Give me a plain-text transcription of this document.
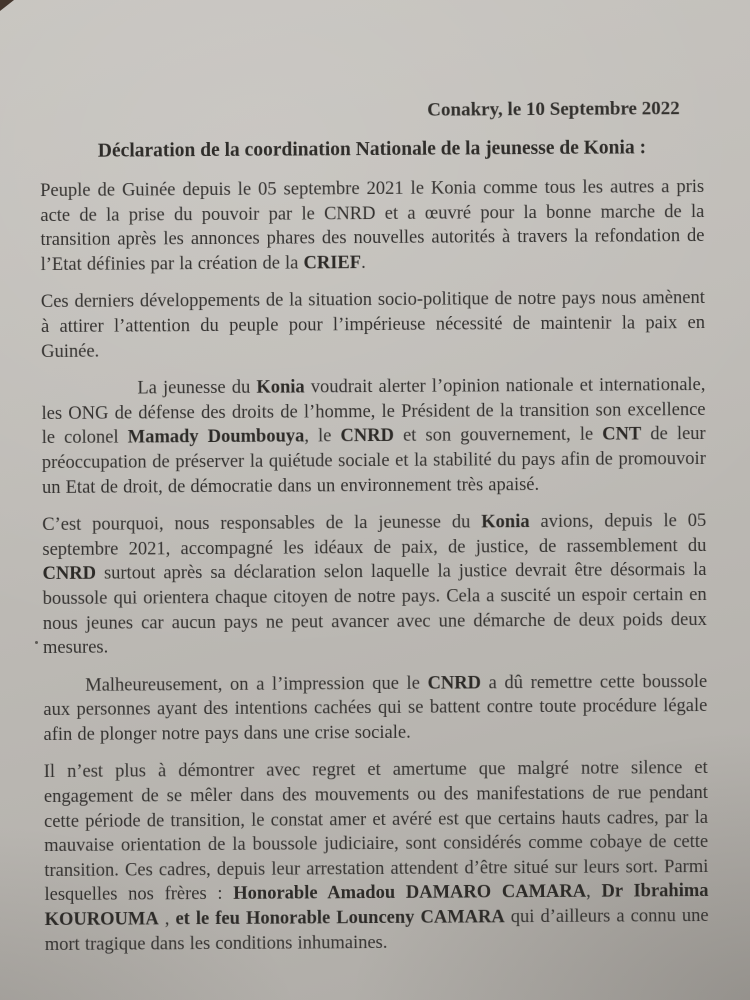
Conakry, le 10 Septembre 2022
Déclaration de la coordination Nationale de la jeunesse de Konia :

Peuple de Guinée depuis le 05 septembre 2021 le Konia comme tous les autres a pris acte de la prise du pouvoir par le CNRD et a œuvré pour la bonne marche de la transition après les annonces phares des nouvelles autorités à travers la refondation de l’Etat définies par la création de la CRIEF.

Ces derniers développements de la situation socio-politique de notre pays nous amènent à attirer l’attention du peuple pour l’impérieuse nécessité de maintenir la paix en Guinée.

La jeunesse du Konia voudrait alerter l’opinion nationale et internationale, les ONG de défense des droits de l’homme, le Président de la transition son excellence le colonel Mamady Doumbouya, le CNRD et son gouvernement, le CNT de leur préoccupation de préserver la quiétude sociale et la stabilité du pays afin de promouvoir un Etat de droit, de démocratie dans un environnement très apaisé.

C’est pourquoi, nous responsables de la jeunesse du Konia avions, depuis le 05 septembre 2021, accompagné les idéaux de paix, de justice, de rassemblement du CNRD surtout après sa déclaration selon laquelle la justice devrait être désormais la boussole qui orientera chaque citoyen de notre pays. Cela a suscité un espoir certain en nous jeunes car aucun pays ne peut avancer avec une démarche de deux poids deux mesures.

Malheureusement, on a l’impression que le CNRD a dû remettre cette boussole aux personnes ayant des intentions cachées qui se battent contre toute procédure légale afin de plonger notre pays dans une crise sociale.

Il n’est plus à démontrer avec regret et amertume que malgré notre silence et engagement de se mêler dans des mouvements ou des manifestations de rue pendant cette période de transition, le constat amer et avéré est que certains hauts cadres, par la mauvaise orientation de la boussole judiciaire, sont considérés comme cobaye de cette transition. Ces cadres, depuis leur arrestation attendent d’être situé sur leurs sort. Parmi lesquelles nos frères : Honorable Amadou DAMARO CAMARA, Dr Ibrahima KOUROUMA , et le feu Honorable Lounceny CAMARA qui d’ailleurs a connu une mort tragique dans les conditions inhumaines.
